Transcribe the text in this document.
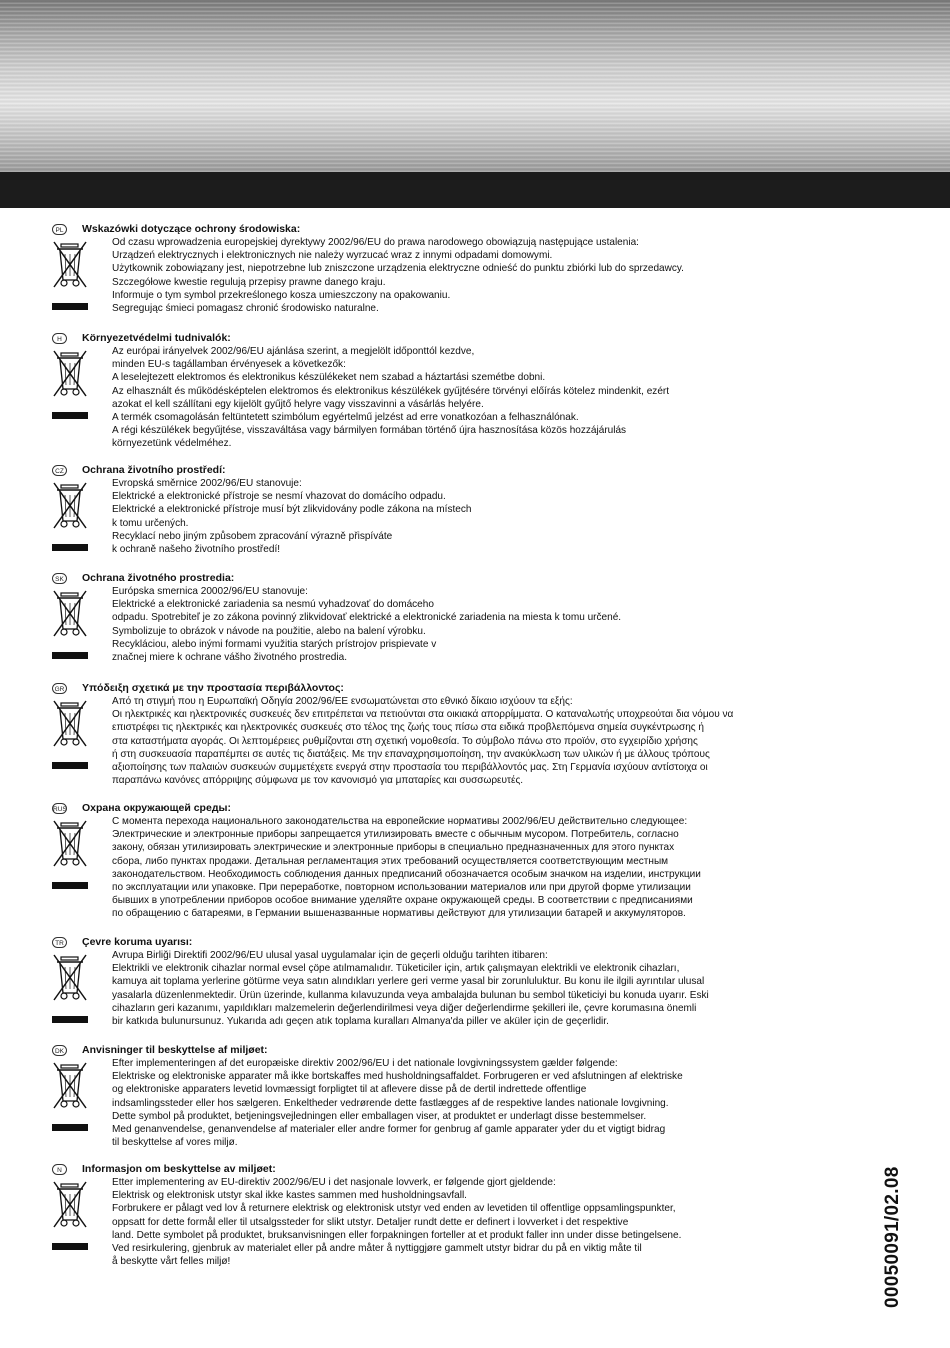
PL	Wskazówki dotyczące ochrony środowiska:
Od czasu wprowadzenia europejskiej dyrektywy 2002/96/EU do prawa narodowego obowiązują następujące ustalenia:
Urządzeń elektrycznych i elektronicznych nie należy wyrzucać wraz z innymi odpadami domowymi.
Użytkownik zobowiązany jest, niepotrzebne lub zniszczone urządzenia elektryczne odnieść do punktu zbiórki lub do sprzedawcy.
Szczegółowe kwestie regulują przepisy prawne danego kraju.
Informuje o tym symbol przekreślonego kosza umieszczony na opakowaniu.
Segregując śmieci pomagasz chronić środowisko naturalne.
H	Környezetvédelmi tudnivalók:
Az európai irányelvek 2002/96/EU ajánlása szerint, a megjelölt időponttól kezdve,
minden EU-s tagállamban érvényesek a következők:
A leselejtezett elektromos és elektronikus készülékeket nem szabad a háztartási szemétbe dobni.
Az elhasznált és működésképtelen elektromos és elektronikus készülékek gyűjtésére törvényi előírás kötelez mindenkit, ezért
azokat el kell szállítani egy kijelölt gyűjtő helyre vagy visszavinni a vásárlás helyére.
A termék csomagolásán feltüntetett szimbólum egyértelmű jelzést ad erre vonatkozóan a felhasználónak.
A régi készülékek begyűjtése, visszaváltása vagy bármilyen formában történő újra hasznosítása közös hozzájárulás
környezetünk védelméhez.
CZ	Ochrana životního prostředí:
Evropská směrnice 2002/96/EU stanovuje:
Elektrické a elektronické přístroje se nesmí vhazovat do domácího odpadu.
Elektrické a elektronické přístroje musí být zlikvidovány podle zákona na místech
k tomu určených.
Recyklací nebo jiným způsobem zpracování výrazně přispíváte
k ochraně našeho životního prostředí!
SK	Ochrana životného prostredia:
Európska smernica 20002/96/EU stanovuje:
Elektrické a elektronické zariadenia sa nesmú vyhadzovať do domáceho
odpadu. Spotrebiteľ je zo zákona povinný zlikvidovať elektrické a elektronické zariadenia na miesta k tomu určené.
Symbolizuje to obrázok v návode na použitie, alebo na balení výrobku.
Recykláciou, alebo inými formami využitia starých prístrojov prispievate v
značnej miere k ochrane vášho životného prostredia.
GR Υπόδειξη σχετικά με την προστασία περιβάλλοντος:
Από τη στιγμή που η Ευρωπαϊκή Οδηγία 2002/96/ΕΕ ενσωματώνεται στο εθνικό δίκαιο ισχύουν τα εξής:
Οι ηλεκτρικές και ηλεκτρονικές συσκευές δεν επιτρέπεται να πετιούνται στα οικιακά απορρίμματα. Ο καταναλωτής υποχρεούται δια νόμου να
επιστρέφει τις ηλεκτρικές και ηλεκτρονικές συσκευές στο τέλος της ζωής τους πίσω στα ειδικά προβλεπόμενα σημεία συγκέντρωσης ή
στα καταστήματα αγοράς. Οι λεπτομέρειες ρυθμίζονται στη σχετική νομοθεσία. Το σύμβολο πάνω στο προϊόν, στο εγχειρίδιο χρήσης
ή στη συσκευασία παραπέμπει σε αυτές τις διατάξεις. Με την επαναχρησιμοποίηση, την ανακύκλωση των υλικών ή με άλλους τρόπους
αξιοποίησης των παλαιών συσκευών συμμετέχετε ενεργά στην προστασία του περιβάλλοντός μας. Στη Γερμανία ισχύουν αντίστοιχα οι
παραπάνω κανόνες απόρριψης σύμφωνα με τον κανονισμό για μπαταρίες και συσσωρευτές.
RUS Охрана окружающей среды:
С момента перехода национального законодательства на европейские нормативы 2002/96/EU действительно следующее:
Электрические и электронные приборы запрещается утилизировать вместе с обычным мусором. Потребитель, согласно
закону, обязан утилизировать электрические и электронные приборы в специально предназначенных для этого пунктах
сбора, либо пунктах продажи. Детальная регламентация этих требований осуществляется соответствующим местным
законодательством. Необходимость соблюдения данных предписаний обозначается особым значком на изделии, инструкции
по эксплуатации или упаковке. При переработке, повторном использовании материалов или при другой форме утилизации
бывших в употреблении приборов особое внимание уделяйте охране окружающей среды. В соответствии с предписаниями
по обращению с батареями, в Германии вышеназванные нормативы действуют для утилизации батарей и аккумуляторов.
TR	Çevre koruma uyarısı:
Avrupa Birliği Direktifi 2002/96/EU ulusal yasal uygulamalar için de geçerli olduğu tarihten itibaren:
Elektrikli ve elektronik cihazlar normal evsel çöpe atılmamalıdır. Tüketiciler için, artık çalışmayan elektrikli ve elektronik cihazları,
kamuya ait toplama yerlerine götürme veya satın alındıkları yerlere geri verme yasal bir zorunluluktur. Bu konu ile ilgili ayrıntılar ulusal
yasalarla düzenlenmektedir. Ürün üzerinde, kullanma kılavuzunda veya ambalajda bulunan bu sembol tüketiciyi bu konuda uyarır. Eski
cihazların geri kazanımı, yapıldıkları malzemelerin değerlendirilmesi veya diğer değerlendirme şekilleri ile, çevre korumasına önemli
bir katkıda bulunursunuz. Yukarıda adı geçen atık toplama kuralları Almanya'da piller ve aküler için de geçerlidir.
DK Anvisninger til beskyttelse af miljøet:
Efter implementeringen af det europæiske direktiv 2002/96/EU i det nationale lovgivningssystem gælder følgende:
Elektriske og elektroniske apparater må ikke bortskaffes med husholdningsaffaldet. Forbrugeren er ved afslutningen af elektriske
og elektroniske apparaters levetid lovmæssigt forpligtet til at aflevere disse på de dertil indrettede offentlige
indsamlingssteder eller hos sælgeren. Enkeltheder vedrørende dette fastlægges af de respektive landes nationale lovgivning.
Dette symbol på produktet, betjeningsvejledningen eller emballagen viser, at produktet er underlagt disse bestemmelser.
Med genanvendelse, genanvendelse af materialer eller andre former for genbrug af gamle apparater yder du et vigtigt bidrag
til beskyttelse af vores miljø.
N	Informasjon om beskyttelse av miljøet:
Etter implementering av EU-direktiv 2002/96/EU i det nasjonale lovverk, er følgende gjort gjeldende:
Elektrisk og elektronisk utstyr skal ikke kastes sammen med husholdningsavfall.
Forbrukere er pålagt ved lov å returnere elektrisk og elektronisk utstyr ved enden av levetiden til offentlige oppsamlingspunkter,
oppsatt for dette formål eller til utsalgssteder for slikt utstyr. Detaljer rundt dette er definert i lovverket i det respektive
land. Dette symbolet på produktet, bruksanvisningen eller forpakningen forteller at et produkt faller inn under disse betingelsene.
Ved resirkulering, gjenbruk av materialet eller på andre måter å nyttiggjøre gammelt utstyr bidrar du på en viktig måte til
å beskytte vårt felles miljø!	00050091/02.08
